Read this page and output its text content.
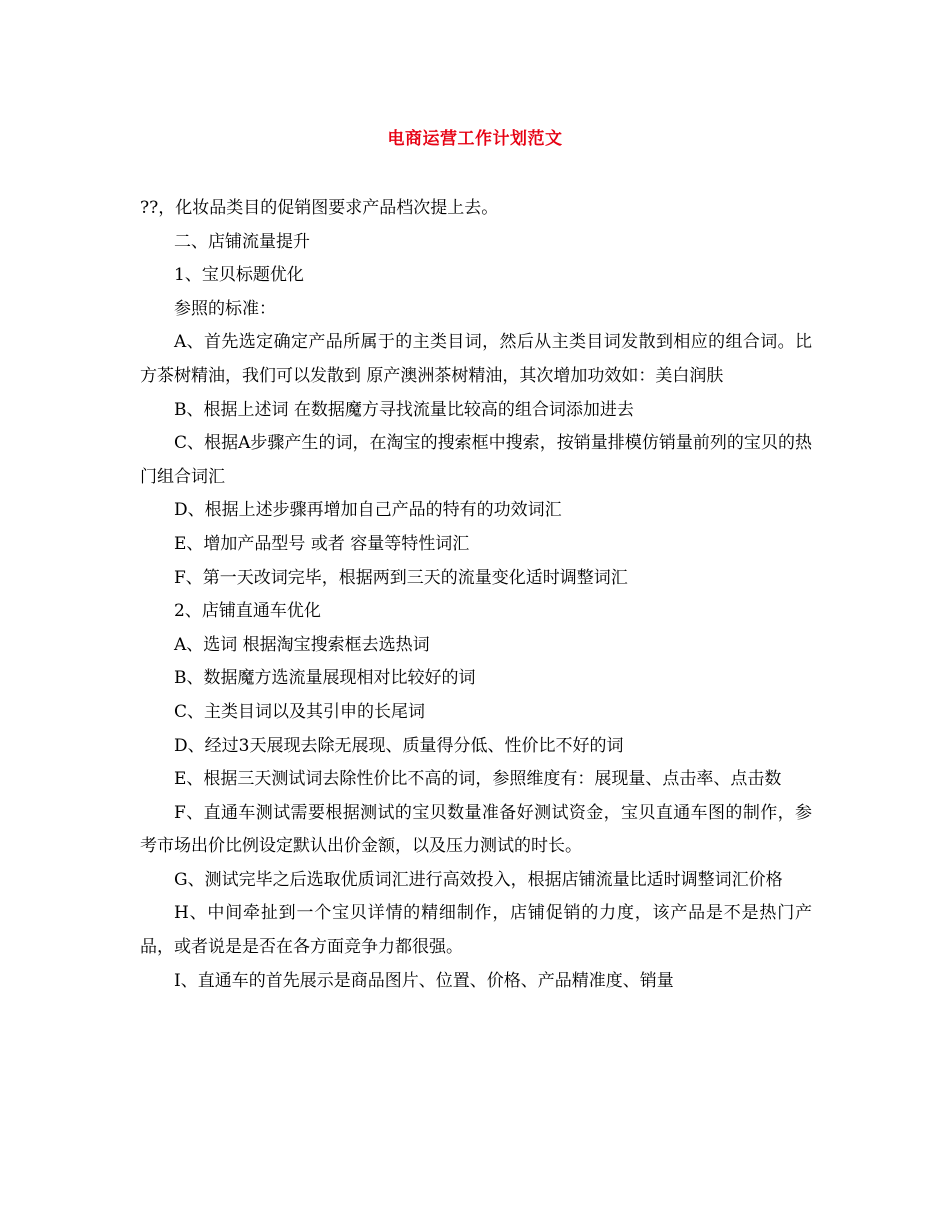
电商运营工作计划范文

??，化妆品类目的促销图要求产品档次提上去。

二、店铺流量提升

1、宝贝标题优化

参照的标准：

A、首先选定确定产品所属于的主类目词，然后从主类目词发散到相应的组合词。比方茶树精油，我们可以发散到 原产澳洲茶树精油，其次增加功效如：美白润肤

B、根据上述词 在数据魔方寻找流量比较高的组合词添加进去

C、根据A步骤产生的词，在淘宝的搜索框中搜索，按销量排模仿销量前列的宝贝的热门组合词汇

D、根据上述步骤再增加自己产品的特有的功效词汇

E、增加产品型号 或者 容量等特性词汇

F、第一天改词完毕，根据两到三天的流量变化适时调整词汇

2、店铺直通车优化

A、选词 根据淘宝搜索框去选热词

B、数据魔方选流量展现相对比较好的词

C、主类目词以及其引申的长尾词

D、经过3天展现去除无展现、质量得分低、性价比不好的词

E、根据三天测试词去除性价比不高的词，参照维度有：展现量、点击率、点击数

F、直通车测试需要根据测试的宝贝数量准备好测试资金，宝贝直通车图的制作，参考市场出价比例设定默认出价金额，以及压力测试的时长。

G、测试完毕之后选取优质词汇进行高效投入，根据店铺流量比适时调整词汇价格

H、中间牵扯到一个宝贝详情的精细制作，店铺促销的力度，该产品是不是热门产品，或者说是是否在各方面竞争力都很强。

I、直通车的首先展示是商品图片、位置、价格、产品精准度、销量
